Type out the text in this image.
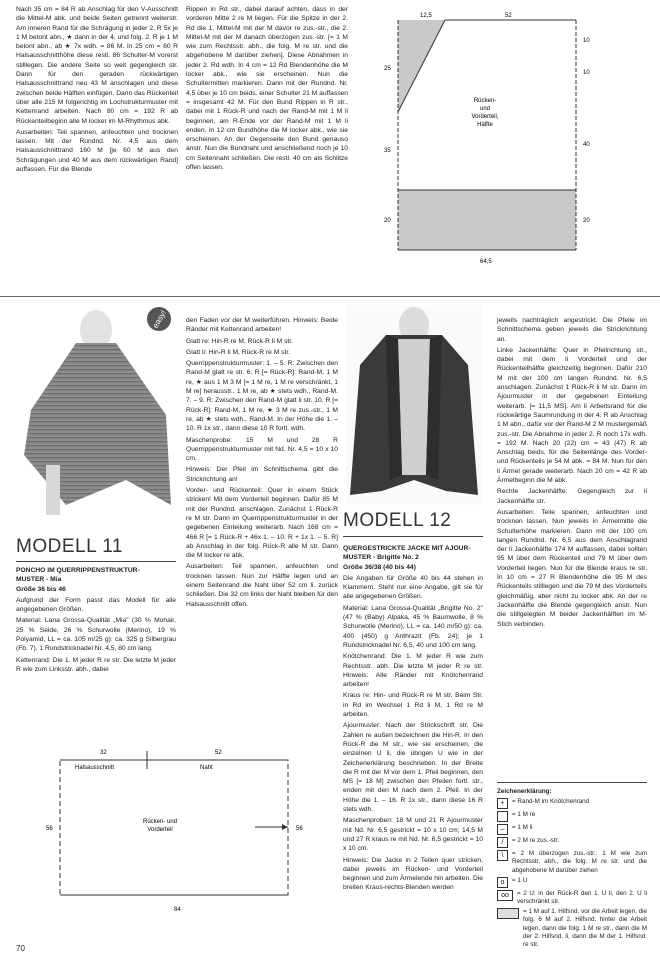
Nach 35 cm = 84 R ab Anschlag für den V-Ausschnitt die Mittel-M abk. und beide Seiten getrennt weiterstr. Am inneren Rand für die Schrägung in jeder 2. R 5x je 1 M betont abn., ★ dann in der 4. und folg. 2. R je 1 M betont abn., ab ★ 7x wdh. = 86 M. In 25 cm = 60 R Halsausschnitthöhe diese restl. 86 Schulter-M vorerst stilllegen. Die andere Seite so weit gegengleich str. Dann für den geraden rückwärtigen Halsausschnittrand neu 43 M anschlagen und diese zwischen beide Hälften einfügen. Dann das Rückenteil über alle 215 M folgerichtig im Lochstrukturmuster mit Kettenrand arbeiten. Nach 80 cm = 192 R ab Rückenteilbeginn alle M locker im M-Rhythmus abk.

Ausarbeiten: Teil spannen, anfeuchten und trocknen lassen. Mit der Rundnd. Nr. 4,5 aus dem Halsausschnittrand 160 M [je 60 M aus den Schrägungen und 40 M aus dem rückwärtigen Rand] auffassen. Für die Blende

Rippen in Rd str., dabei darauf achten, dass in der vorderen Mitte 2 re M liegen. Für die Spitze in der 2. Rd die 1. Mittel-M mit der M davor re zus.-str., die 2. Mittel-M mit der M danach überzogen zus.-str. [= 1 M wie zum Rechtsstr. abh., die folg. M re str. und die abgehobene M darüber ziehen]. Diese Abnahmen in jeder 2. Rd wdh. In 4 cm = 12 Rd Blendenhöhe die M locker abk., wie sie erscheinen. Nun die Schultermitten markieren. Dann mit der Rundnd. Nr. 4,5 über je 10 cm beids. einer Schulter 21 M auffassen = insgesamt 42 M. Für den Bund Rippen in R str., dabei mit 1 Rück-R und nach der Rand-M mit 1 M li beginnen, am R-Ende vor der Rand-M mit 1 M li enden. In 12 cm Bundhöhe die M locker abk., wie sie erscheinen. An der Gegenseite den Bund genauso anstr. Nun die Bundnaht und anschließend noch je 10 cm Seitennaht schließen. Die restl. 40 cm als Schlitze offen lassen.

12,5	52
25
10
10
35
40
20	20
64,5
Rücken-
und
Vorderteil,
Hälfte
easy!
MODELL 11
PONCHO IM QUERRIPPENSTRUKTUR-
MUSTER - Mia
Größe 36 bis 46

Aufgrund der Form passt das Modell für alle angegebenen Größen.

Material: Lana Grossa-Qualität „Mia" (30 % Mohair, 25 % Seide, 26 % Schurwolle (Merino), 19 % Polyamid, LL = ca. 105 m/25 g): ca. 325 g Silbergrau (Fb. 7). 1 Rundstricknadel Nr. 4,5, 80 cm lang.

Kettenrand: Die 1. M jeder R re str. Die letzte M jeder R wie zum Linksstr. abh., dabei

den Faden vor der M weiterführen. Hinweis: Beide Ränder mit Kettenrand arbeiten!

Glatt re: Hin-R re M, Rück-R li M str.

Glatt li: Hin-R li M, Rück-R re M str.

Querrippenstrukturmuster: 1. – 5. R: Zwischen den Rand-M glatt re str. 6. R [= Rück-R]: Rand-M, 1 M re, ★ aus 1 M 3 M [= 1 M re, 1 M re verschränkt, 1 M re] herausstr., 1 M re, ab ★ stets wdh., Rand-M. 7. – 9. R: Zwischen den Rand-M glatt li str. 10. R [= Rück-R]: Rand-M, 1 M re, ★ 3 M re zus.-str., 1 M re, ab ★ stets wdh., Rand-M. In der Höhe die 1. – 10. R 1x str., dann diese 10 R fortl. wdh.

Maschenprobe: 15 M und 28 R Querrippenstrukturmuster mit Nd. Nr. 4,5 = 10 x 10 cm.

Hinweis: Der Pfeil im Schnittschema gibt die Strickrichtung an!

Vorder- und Rückenteil: Quer in einem Stück stricken! Mit dem Vorderteil beginnen. Dafür 85 M mit der Rundnd. anschlagen. Zunächst 1 Rück-R re M str. Dann im Querrippenstrukturmuster in der gegebenen Einteilung weiterarb. Nach 168 cm = 466 R [= 1 Rück-R + 46x 1. – 10. R + 1x 1. – 5. R] ab Anschlag in der folg. Rück-R alle M str. Dann die M locker re abk.

Ausarbeiten: Teil spannen, anfeuchten und trocknen lassen. Nun zur Hälfte legen und an einem Seitenrand die Naht über 52 cm li. zurück schließen. Die 32 cm links der Naht bleiben für den Halsausschnitt offen.

32	52
Halsausschnitt	Naht
Rücken- und
Vorderteil
56	56
84
MODELL 12
QUERGESTRICKTE JACKE MIT AJOUR-
MUSTER - Brigitte No. 2
Größe 36/38 (40 bis 44)

Die Angaben für Größe 40 bis 44 stehen in Klammern. Steht nur eine Angabe, gilt sie für alle angegebenen Größen.

Material: Lana Grossa-Qualität „Brigitte No. 2" (47 % (Baby) Alpaka, 45 % Baumwolle, 8 % Schurwolle (Merino), LL = ca. 140 m/50 g): ca. 400 (450) g Anthrazit (Fb. 24); je 1 Rundstricknadel Nr. 6,5, 40 und 100 cm lang.

Knötchenrand: Die 1. M jeder R wie zum Rechtsstr. abh. Die letzte M jeder R re str. Hinweis: Alle Ränder mit Knötchenrand arbeiten!

Kraus re: Hin- und Rück-R re M str. Beim Str. in Rd im Wechsel 1 Rd li M, 1 Rd re M arbeiten.

Ajourmuster: Nach der Strickschrift str. Die Zahlen re außen bezeichnen die Hin-R. In den Rück-R die M str., wie sie erscheinen, die einzelnen U li, die übrigen U wie in der Zeichenerklärung beschrieben. In der Breite die R mit der M vor dem 1. Pfeil beginnen, den MS [= 18 M] zwischen den Pfeilen fortl. str., enden mit den M nach dem 2. Pfeil. In der Höhe die 1. – 16. R 1x str., dann diese 16 R stets wdh.

Maschenproben: 18 M und 21 R Ajourmuster mit Nd. Nr. 6,5 gestrickt = 10 x 10 cm; 14,5 M und 27 R kraus re mit Nd. Nr. 6,5 gestrickt = 10 x 10 cm.

Hinweis: Die Jacke in 2 Teilen quer stricken, dabei jeweils im Rücken- und Vorderteil beginnen und zum Ärmelende hin arbeiten. Die breiten Kraus-rechts-Blenden werden

jeweils nachträglich angestrickt. Die Pfeile im Schnittschema geben jeweils die Strickrichtung an.

Linke Jackenhälfte: Quer in Pfeilrichtung str., dabei mit dem li Vorderteil und der Rückenteilhälfte gleichzeitig beginnen. Dafür 210 M mit der 100 cm langen Rundnd. Nr. 6,5 anschlagen. Zunächst 1 Rück-R li M str. Dann im Ajourmuster in der gegebenen Einteilung weiterarb. [= 11,5 MS]. Am li Arbeitsrand für die rückwärtige Saumrundung in der 4. R ab Anschlag 1 M abn., dafür vor der Rand-M 2 M mustergemäß zus.-str. Die Abnahme in jeder 2. R noch 17x wdh. = 192 M. Nach 20 (22) cm = 43 (47) R ab Anschlag beids. für die Seitenlänge des Vorder- und Rückenteils je 54 M abk. = 84 M. Nun für den li Ärmel gerade weiterarb. Nach 20 cm = 42 R ab Ärmelbeginn die M abk.

Rechte Jackenhälfte: Gegengleich zur li Jackenhälfte str.

Ausarbeiten: Teile spannen, anfeuchten und trocknen lassen. Nun jeweils in Ärmelmitte die Schulterhöhe markieren. Dann mit der 100 cm langen Rundnd. Nr. 6,5 aus dem Anschlagrand der li Jackenhälfte 174 M auffassen, dabei sollten 95 M über dem Rückenteil und 79 M über dem Vorderteil liegen. Nun für die Blende kraus re str. In 10 cm = 27 R Blendenhöhe die 95 M des Rückenteils stilllegen und die 79 M des Vorderteils gleichmäßig, aber nicht zu locker abk. An der re Jackenhälfte die Blende gegengleich anstr. Nun die stillgelegten M beider Jackenhälften im M-Stich verbinden.

Zeichenerklärung:
+	= Rand-M im Knötchenrand
= 1 M re
–	= 1 M li
/	= 2 M re zus.-str.
\	= 2 M überzogen zus.-str.: 1 M wie zum Rechtsstr. abh., die folg. M re str. und die abgehobene M darüber ziehen
o	= 1 U
oo	= 2 U: in der Rück-R den 1. U li, den 2. U li verschränkt str.
= 1 M auf 1. Hilfsnd. vor die Arbeit legen, die folg. 6 M auf 2. Hilfsnd. hinter die Arbeit legen, dann die folg. 1 M re str., dann die M der 2. Hilfsnd. li, dann die M der 1. Hilfsnd. re str.
70
